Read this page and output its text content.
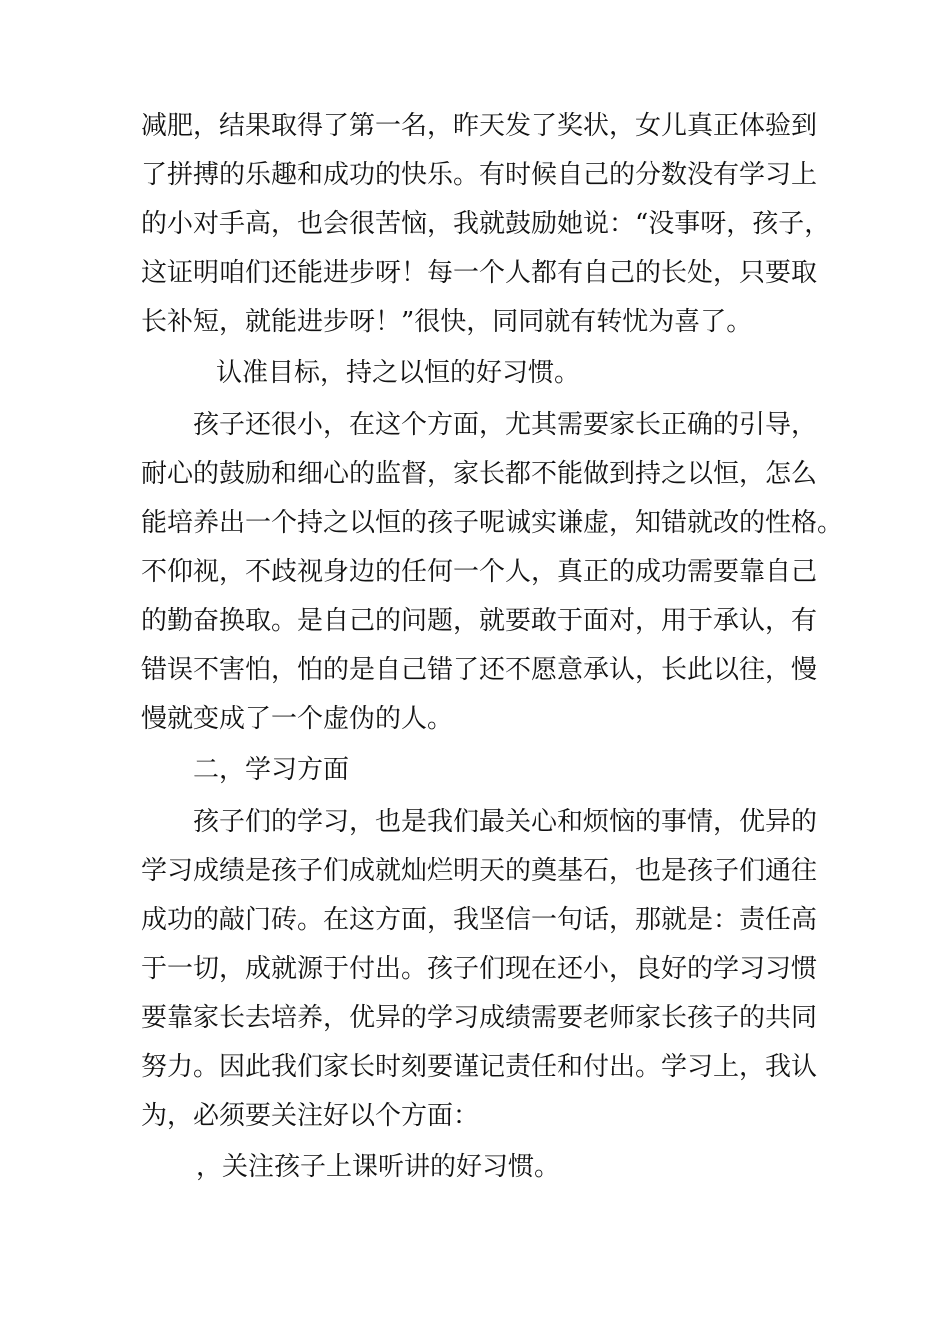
减肥，结果取得了第一名，昨天发了奖状，女儿真正体验到
了拼搏的乐趣和成功的快乐。有时候自己的分数没有学习上
的小对手高，也会很苦恼，我就鼓励她说：“没事呀，孩子，
这证明咱们还能进步呀！每一个人都有自己的长处，只要取
长补短，就能进步呀！”很快，同同就有转忧为喜了。
认准目标，持之以恒的好习惯。
孩子还很小，在这个方面，尤其需要家长正确的引导，
耐心的鼓励和细心的监督，家长都不能做到持之以恒，怎么
能培养出一个持之以恒的孩子呢诚实谦虚，知错就改的性格。
不仰视，不歧视身边的任何一个人，真正的成功需要靠自己
的勤奋换取。是自己的问题，就要敢于面对，用于承认，有
错误不害怕，怕的是自己错了还不愿意承认，长此以往，慢
慢就变成了一个虚伪的人。
二，学习方面
孩子们的学习，也是我们最关心和烦恼的事情，优异的
学习成绩是孩子们成就灿烂明天的奠基石，也是孩子们通往
成功的敲门砖。在这方面，我坚信一句话，那就是：责任高
于一切，成就源于付出。孩子们现在还小，良好的学习习惯
要靠家长去培养，优异的学习成绩需要老师家长孩子的共同
努力。因此我们家长时刻要谨记责任和付出。学习上，我认
为，必须要关注好以个方面：
，关注孩子上课听讲的好习惯。
